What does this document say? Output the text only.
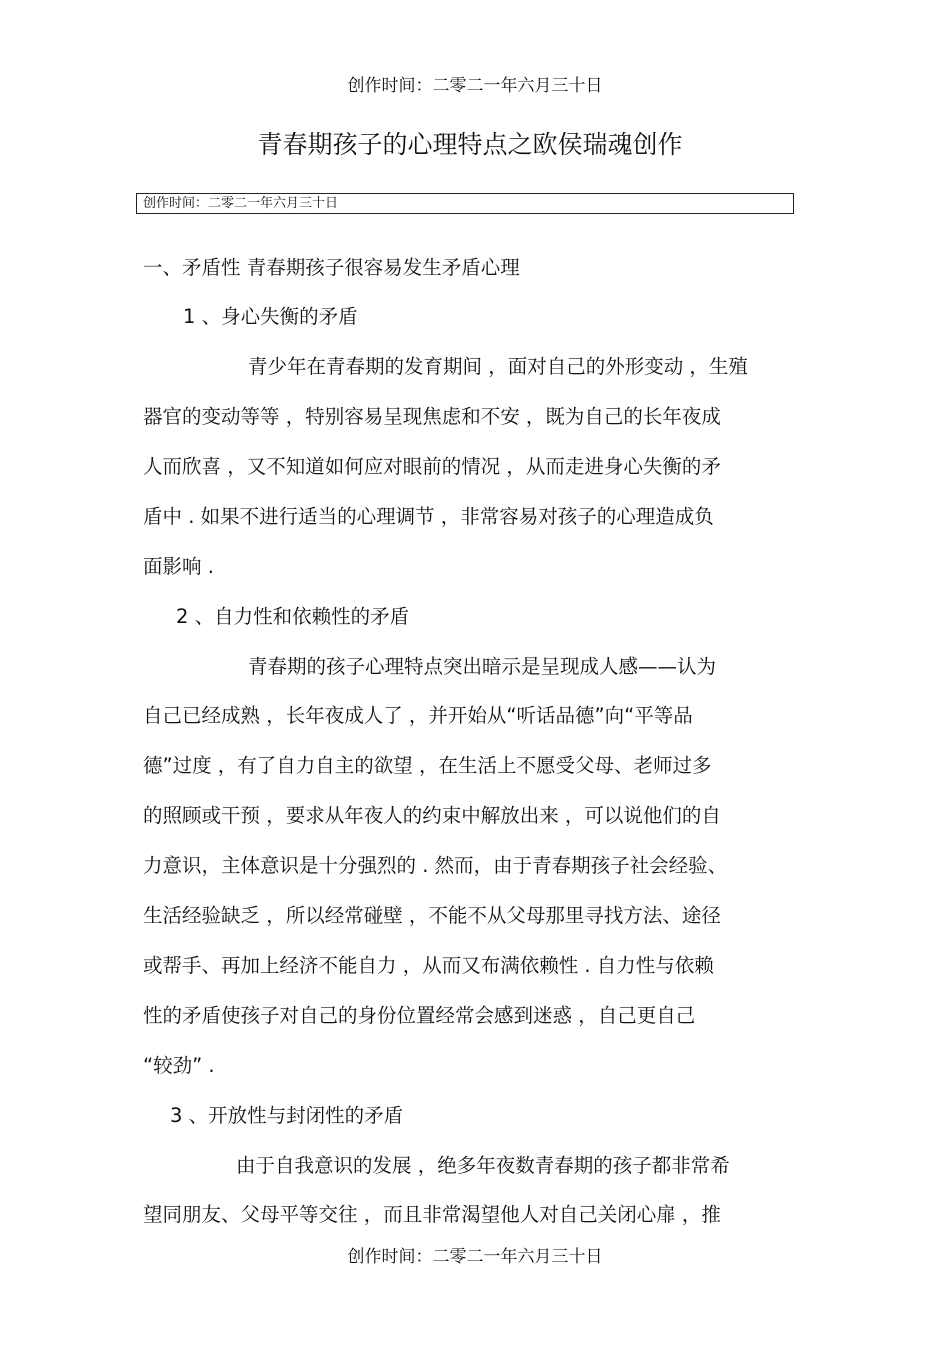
创作时间：二零二一年六月三十日
青春期孩子的心理特点之欧侯瑞魂创作
创作时间：二零二一年六月三十日
一、矛盾性 青春期孩子很容易发生矛盾心理
1 、身心失衡的矛盾
青少年在青春期的发育期间 ，面对自己的外形变动 ，生殖
器官的变动等等 ，特别容易呈现焦虑和不安 ，既为自己的长年夜成
人而欣喜 ，又不知道如何应对眼前的情况 ，从而走进身心失衡的矛
盾中 . 如果不进行适当的心理调节 ，非常容易对孩子的心理造成负
面影响 .
2 、自力性和依赖性的矛盾
青春期的孩子心理特点突出暗示是呈现成人感——认为
自己已经成熟 ，长年夜成人了 ，并开始从“听话品德”向“平等品
德”过度 ，有了自力自主的欲望 ，在生活上不愿受父母、老师过多
的照顾或干预 ，要求从年夜人的约束中解放出来 ，可以说他们的自
力意识，主体意识是十分强烈的 . 然而，由于青春期孩子社会经验、
生活经验缺乏 ，所以经常碰壁 ，不能不从父母那里寻找方法、途径
或帮手、再加上经济不能自力 ，从而又布满依赖性 . 自力性与依赖
性的矛盾使孩子对自己的身份位置经常会感到迷惑 ，自己更自己
“较劲” .
3 、开放性与封闭性的矛盾
由于自我意识的发展 ，绝多年夜数青春期的孩子都非常希
望同朋友、父母平等交往 ，而且非常渴望他人对自己关闭心扉 ，推
创作时间：二零二一年六月三十日
